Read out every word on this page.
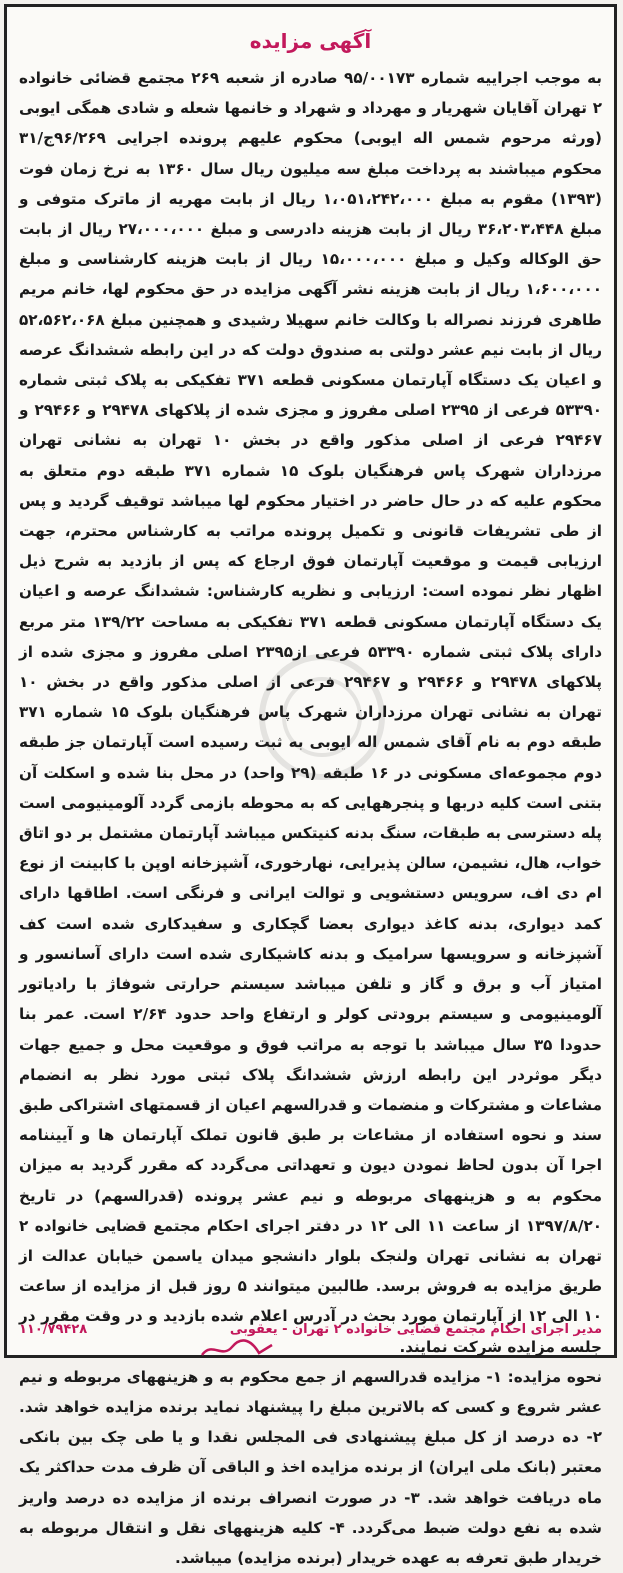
آگهی مزایده

به موجب اجراییه شماره ۹۵/۰۰۱۷۳ صادره از شعبه ۲۶۹ مجتمع قضائی خانواده ۲ تهران آقایان شهریار و مهرداد و شهراد و خانمها شعله و شادی همگی ایوبی (ورثه مرحوم شمس اله ایوبی) محکوم علیهم پرونده اجرایی ۹۶/۲۶۹ج/۳۱ محکوم میباشند به پرداخت مبلغ سه میلیون ریال سال ۱۳۶۰ به نرخ زمان فوت (۱۳۹۳) مقوم به مبلغ ۱،۰۵۱،۲۴۲،۰۰۰ ریال از بابت مهریه از ماترک متوفی و مبلغ ۳۶،۲۰۳،۴۴۸ ریال از بابت هزینه دادرسی و مبلغ ۲۷،۰۰۰،۰۰۰ ریال از بابت حق الوکاله وکیل و مبلغ ۱۵،۰۰۰،۰۰۰ ریال از بابت هزینه کارشناسی و مبلغ ۱،۶۰۰،۰۰۰ ریال از بابت هزینه نشر آگهی مزایده در حق محکوم لها، خانم مریم طاهری فرزند نصراله با وکالت خانم سهیلا رشیدی و همچنین مبلغ ۵۲،۵۶۲،۰۶۸ ریال از بابت نیم عشر دولتی به صندوق دولت که در این رابطه ششدانگ عرصه و اعیان یک دستگاه آپارتمان مسکونی قطعه ۳۷۱ تفکیکی به پلاک ثبتی شماره ۵۳۳۹۰ فرعی از ۲۳۹۵ اصلی مفروز و مجزی شده از پلاکهای ۲۹۴۷۸ و ۲۹۴۶۶ و ۲۹۴۶۷ فرعی از اصلی مذکور واقع در بخش ۱۰ تهران به نشانی تهران مرزداران شهرک پاس فرهنگیان بلوک ۱۵ شماره ۳۷۱ طبقه دوم متعلق به محکوم علیه که در حال حاضر در اختیار محکوم لها میباشد توقیف گردید و پس از طی تشریفات قانونی و تکمیل پرونده مراتب به کارشناس محترم، جهت ارزیابی قیمت و موقعیت آپارتمان فوق ارجاع که پس از بازدید به شرح ذیل اظهار نظر نموده است: ارزیابی و نظریه کارشناس: ششدانگ عرصه و اعیان یک دستگاه آپارتمان مسکونی قطعه ۳۷۱ تفکیکی به مساحت ۱۳۹/۲۲ متر مربع دارای پلاک ثبتی شماره ۵۳۳۹۰ فرعی از۲۳۹۵ اصلی مفروز و مجزی شده از پلاکهای ۲۹۴۷۸ و ۲۹۴۶۶ و ۲۹۴۶۷ فرعی از اصلی مذکور واقع در بخش ۱۰ تهران به نشانی تهران مرزداران شهرک پاس فرهنگیان بلوک ۱۵ شماره ۳۷۱ طبقه دوم به نام آقای شمس اله ایوبی به ثبت رسیده است آپارتمان جز طبقه دوم مجموعه‌ای مسکونی در ۱۶ طبقه (۲۹ واحد) در محل بنا شده و اسکلت آن بتنی است کلیه دربها و پنجرههایی که به محوطه بازمی گردد آلومینیومی است پله دسترسی به طبقات، سنگ بدنه کنیتکس میباشد آپارتمان مشتمل بر دو اتاق خواب، هال، نشیمن، سالن پذیرایی، نهارخوری، آشپزخانه اوپن با کابینت از نوع ام دی اف، سرویس دستشویی و توالت ایرانی و فرنگی است. اطاقها دارای کمد دیواری، بدنه کاغذ دیواری بعضا گچکاری و سفیدکاری شده است کف آشپزخانه و سرویسها سرامیک و بدنه کاشیکاری شده است دارای آسانسور و امتیاز آب و برق و گاز و تلفن میباشد سیستم حرارتی شوفاژ با رادیاتور آلومینیومی و سیستم برودتی کولر و ارتفاع واحد حدود ۲/۶۴ است. عمر بنا حدودا ۳۵ سال میباشد با توجه به مراتب فوق و موقعیت محل و جمیع جهات دیگر موثردر این رابطه ارزش ششدانگ پلاک ثبتی مورد نظر به انضمام مشاعات و مشترکات و منضمات و قدرالسهم اعیان از قسمتهای اشتراکی طبق سند و نحوه استفاده از مشاعات بر طبق قانون تملک آپارتمان ها و آییننامه اجرا آن بدون لحاظ نمودن دیون و تعهداتی می‌گردد که مقرر گردید به میزان محکوم به و هزینههای مربوطه و نیم عشر پرونده (قدرالسهم) در تاریخ ۱۳۹۷/۸/۲۰ از ساعت ۱۱ الی ۱۲ در دفتر اجرای احکام مجتمع قضایی خانواده ۲ تهران به نشانی تهران ولنجک بلوار دانشجو میدان یاسمن خیابان عدالت از طریق مزایده به فروش برسد. طالبین میتوانند ۵ روز قبل از مزایده از ساعت ۱۰ الی ۱۲ از آپارتمان مورد بحث در آدرس اعلام شده بازدید و در وقت مقرر در جلسه مزایده شرکت نمایند.

نحوه مزایده: ۱- مزایده قدرالسهم از جمع محکوم به و هزینههای مربوطه و نیم عشر شروع و کسی که بالاترین مبلغ را پیشنهاد نماید برنده مزایده خواهد شد. ۲- ده درصد از کل مبلغ پیشنهادی فی المجلس نقدا و یا طی چک بین بانکی معتبر (بانک ملی ایران) از برنده مزایده اخذ و الباقی آن ظرف مدت حداکثر یک ماه دریافت خواهد شد. ۳- در صورت انصراف برنده از مزایده ده درصد واریز شده به نفع دولت ضبط می‌گردد. ۴- کلیه هزینههای نقل و انتقال مربوطه به خریدار طبق تعرفه به عهده خریدار (برنده مزایده) میباشد.

مدیر اجرای احکام مجتمع قضایی خانواده ۲ تهران - یعقوبی
۱۱۰/۷۹۴۲۸
